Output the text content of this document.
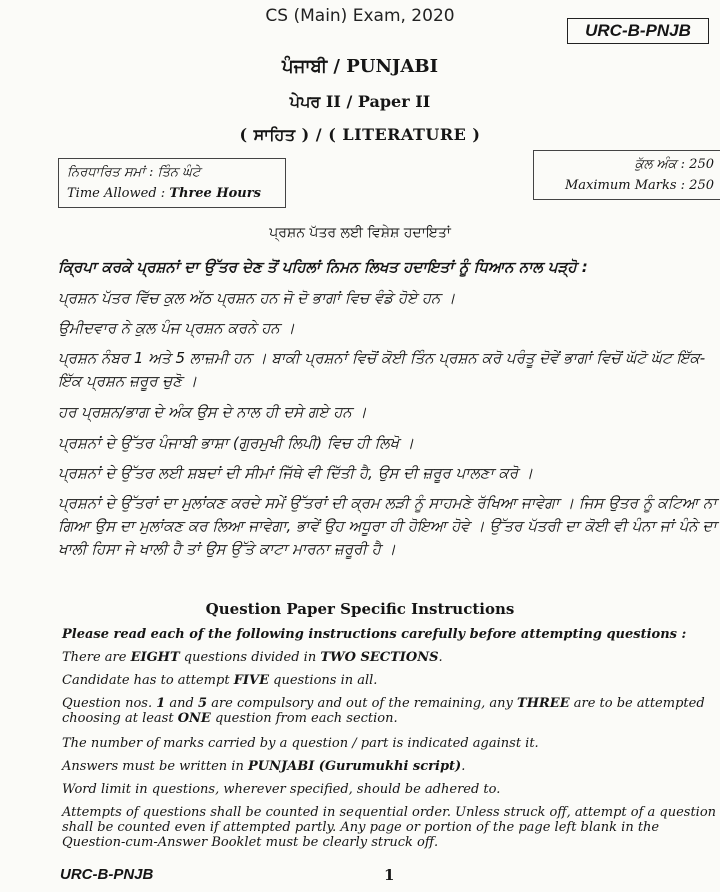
CS (Main) Exam, 2020
URC-B-PNJB
ਪੰਜਾਬੀ / PUNJABI
ਪੇਪਰ II / Paper II
( ਸਾਹਿਤ ) / ( LITERATURE )
ਨਿਰਧਾਰਿਤ ਸਮਾਂ : ਤਿੰਨ ਘੰਟੇ
Time Allowed : Three Hours
ਕੁੱਲ ਅੰਕ : 250
Maximum Marks : 250
ਪ੍ਰਸ਼ਨ ਪੱਤਰ ਲਈ ਵਿਸ਼ੇਸ਼ ਹਦਾਇਤਾਂ
ਕ੍ਰਿਪਾ ਕਰਕੇ ਪ੍ਰਸ਼ਨਾਂ ਦਾ ਉੱਤਰ ਦੇਣ ਤੋਂ ਪਹਿਲਾਂ ਨਿਮਨ ਲਿਖਤ ਹਦਾਇਤਾਂ ਨੂੰ ਧਿਆਨ ਨਾਲ ਪੜ੍ਹੋ :
ਪ੍ਰਸ਼ਨ ਪੱਤਰ ਵਿੱਚ ਕੁਲ ਅੱਠ ਪ੍ਰਸ਼ਨ ਹਨ ਜੋ ਦੋ ਭਾਗਾਂ ਵਿਚ ਵੰਡੇ ਹੋਏ ਹਨ ।
ਉਮੀਦਵਾਰ ਨੇ ਕੁਲ ਪੰਜ ਪ੍ਰਸ਼ਨ ਕਰਨੇ ਹਨ ।
ਪ੍ਰਸ਼ਨ ਨੰਬਰ 1 ਅਤੇ 5 ਲਾਜ਼ਮੀ ਹਨ । ਬਾਕੀ ਪ੍ਰਸ਼ਨਾਂ ਵਿਚੋਂ ਕੋਈ ਤਿੰਨ ਪ੍ਰਸ਼ਨ ਕਰੋ ਪਰੰਤੂ ਦੋਵੇਂ ਭਾਗਾਂ ਵਿਚੋਂ ਘੱਟੋ ਘੱਟ ਇੱਕ-ਇੱਕ ਪ੍ਰਸ਼ਨ ਜ਼ਰੂਰ ਚੁਣੋ ।
ਹਰ ਪ੍ਰਸ਼ਨ/ਭਾਗ ਦੇ ਅੰਕ ਉਸ ਦੇ ਨਾਲ ਹੀ ਦਸੇ ਗਏ ਹਨ ।
ਪ੍ਰਸ਼ਨਾਂ ਦੇ ਉੱਤਰ ਪੰਜਾਬੀ ਭਾਸ਼ਾ (ਗੁਰਮੁਖੀ ਲਿਪੀ) ਵਿਚ ਹੀ ਲਿਖੋ ।
ਪ੍ਰਸ਼ਨਾਂ ਦੇ ਉੱਤਰ ਲਈ ਸ਼ਬਦਾਂ ਦੀ ਸੀਮਾਂ ਜਿੱਥੇ ਵੀ ਦਿੱਤੀ ਹੈ, ਉਸ ਦੀ ਜ਼ਰੂਰ ਪਾਲਣਾ ਕਰੋ ।
ਪ੍ਰਸ਼ਨਾਂ ਦੇ ਉੱਤਰਾਂ ਦਾ ਮੁਲਾਂਕਣ ਕਰਦੇ ਸਮੇਂ ਉੱਤਰਾਂ ਦੀ ਕ੍ਰਮ ਲੜੀ ਨੂੰ ਸਾਹਮਣੇ ਰੱਖਿਆ ਜਾਵੇਗਾ । ਜਿਸ ਉਤਰ ਨੂੰ ਕਟਿਆ ਨਾ ਗਿਆ ਉਸ ਦਾ ਮੁਲਾਂਕਣ ਕਰ ਲਿਆ ਜਾਵੇਗਾ, ਭਾਵੇਂ ਉਹ ਅਧੂਰਾ ਹੀ ਹੋਇਆ ਹੋਵੇ । ਉੱਤਰ ਪੱਤਰੀ ਦਾ ਕੋਈ ਵੀ ਪੰਨਾ ਜਾਂ ਪੰਨੇ ਦਾ ਖਾਲੀ ਹਿਸਾ ਜੇ ਖਾਲੀ ਹੈ ਤਾਂ ਉਸ ਉੱਤੇ ਕਾਟਾ ਮਾਰਨਾ ਜ਼ਰੂਰੀ ਹੈ ।
Question Paper Specific Instructions
Please read each of the following instructions carefully before attempting questions :
There are EIGHT questions divided in TWO SECTIONS.
Candidate has to attempt FIVE questions in all.
Question nos. 1 and 5 are compulsory and out of the remaining, any THREE are to be attempted choosing at least ONE question from each section.
The number of marks carried by a question / part is indicated against it.
Answers must be written in PUNJABI (Gurumukhi script).
Word limit in questions, wherever specified, should be adhered to.
Attempts of questions shall be counted in sequential order. Unless struck off, attempt of a question shall be counted even if attempted partly. Any page or portion of the page left blank in the Question-cum-Answer Booklet must be clearly struck off.
URC-B-PNJB	1
